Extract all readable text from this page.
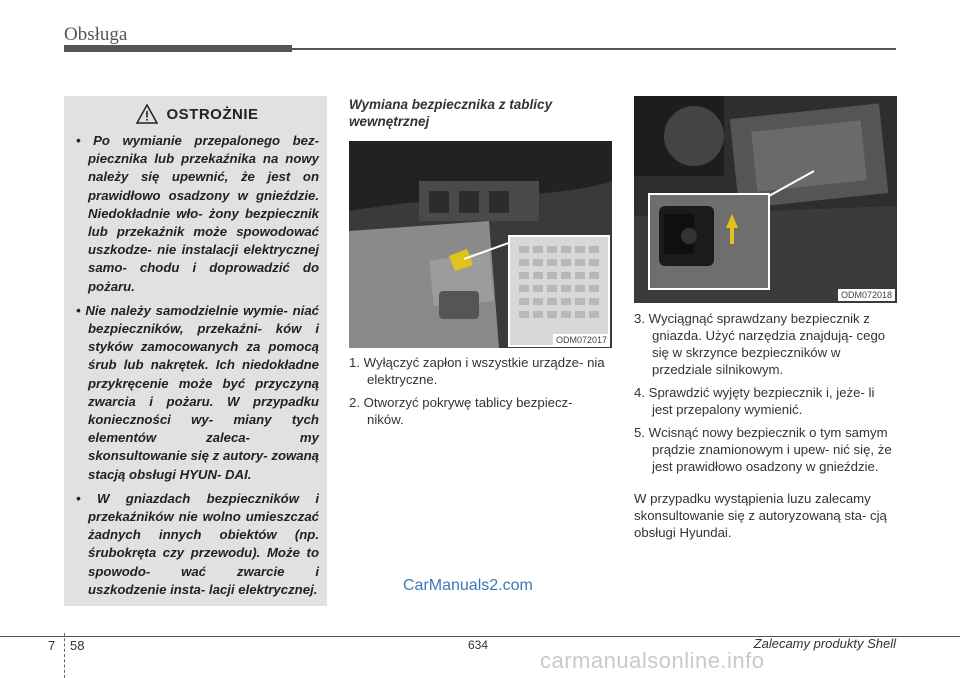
Obsługa
OSTROŻNIE
• Po wymianie przepalonego bez- piecznika lub przekaźnika na nowy należy się upewnić, że jest on prawidłowo osadzony w gnieździe. Niedokładnie wło- żony bezpiecznik lub przekaźnik może spowodować uszkodze- nie instalacji elektrycznej samo- chodu i doprowadzić do pożaru.
• Nie należy samodzielnie wymie- niać bezpieczników, przekaźni- ków i styków zamocowanych za pomocą śrub lub nakrętek. Ich niedokładne przykręcenie może być przyczyną zwarcia i pożaru. W przypadku konieczności wy- miany tych elementów zaleca- my skonsultowanie się z autory- zowaną stacją obsługi HYUN- DAI.
• W gniazdach bezpieczników i przekaźników nie wolno umieszczać żadnych innych obiektów (np. śrubokręta czy przewodu). Może to spowodo- wać zwarcie i uszkodzenie insta- lacji elektrycznej.
Wymiana bezpiecznika z tablicy wewnętrznej
ODM072017
1. Wyłączyć zapłon i wszystkie urządze- nia elektryczne.
2. Otworzyć pokrywę tablicy bezpiecz- ników.
ODM072018
3. Wyciągnąć sprawdzany bezpiecznik z gniazda. Użyć narzędzia znajdują- cego się w skrzynce bezpieczników w przedziale silnikowym.
4. Sprawdzić wyjęty bezpiecznik i, jeże- li jest przepalony wymienić.
5. Wcisnąć nowy bezpiecznik o tym samym prądzie znamionowym i upew- nić się, że jest prawidłowo osadzony w gnieździe.
W przypadku wystąpienia luzu zalecamy skonsultowanie się z autoryzowaną sta- cją obsługi Hyundai.
CarManuals2.com
7 58	634	Zalecamy produkty Shell
carmanualsonline.info
